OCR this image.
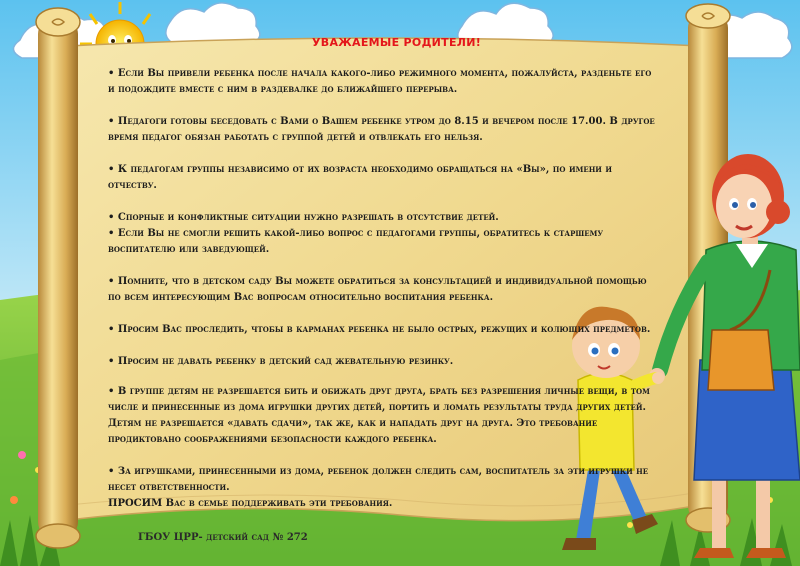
УВАЖАЕМЫЕ РОДИТЕЛИ!
• Если Вы привели ребенка после начала какого-либо режимного момента, пожалуйста, разденьте его и подождите вместе с ним в раздевалке до ближайшего перерыва.
• Педагоги готовы беседовать с Вами о Вашем ребенке утром до 8.15 и вечером после 17.00. В другое время педагог обязан работать с группой детей и отвлекать его нельзя.
• К педагогам группы независимо от их возраста необходимо обращаться на «Вы», по имени и отчеству.
• Спорные и конфликтные ситуации нужно разрешать в отсутствие детей.
• Если Вы не смогли решить какой-либо вопрос с педагогами группы, обратитесь к старшему воспитателю или заведующей.
• Помните, что в детском саду Вы можете обратиться за консультацией и индивидуальной помощью по всем интересующим Вас вопросам относительно воспитания ребенка.
• Просим Вас проследить, чтобы в карманах ребенка не было острых, режущих и колющих предметов.
• Просим не давать ребенку в детский сад жевательную резинку.
• В группе детям не разрешается бить и обижать друг друга, брать без разрешения личные вещи, в том числе и принесенные из дома игрушки других детей, портить и ломать результаты труда других детей. Детям не разрешается «давать сдачи», так же, как и нападать друг на друга. Это требование продиктовано соображениями безопасности каждого ребенка.
• За игрушками, принесенными из дома, ребенок должен следить сам, воспитатель за эти игрушки не несет ответственности.
ПРОСИМ Вас в семье поддерживать эти требования.
ГБОУ ЦРР- детский сад № 272
